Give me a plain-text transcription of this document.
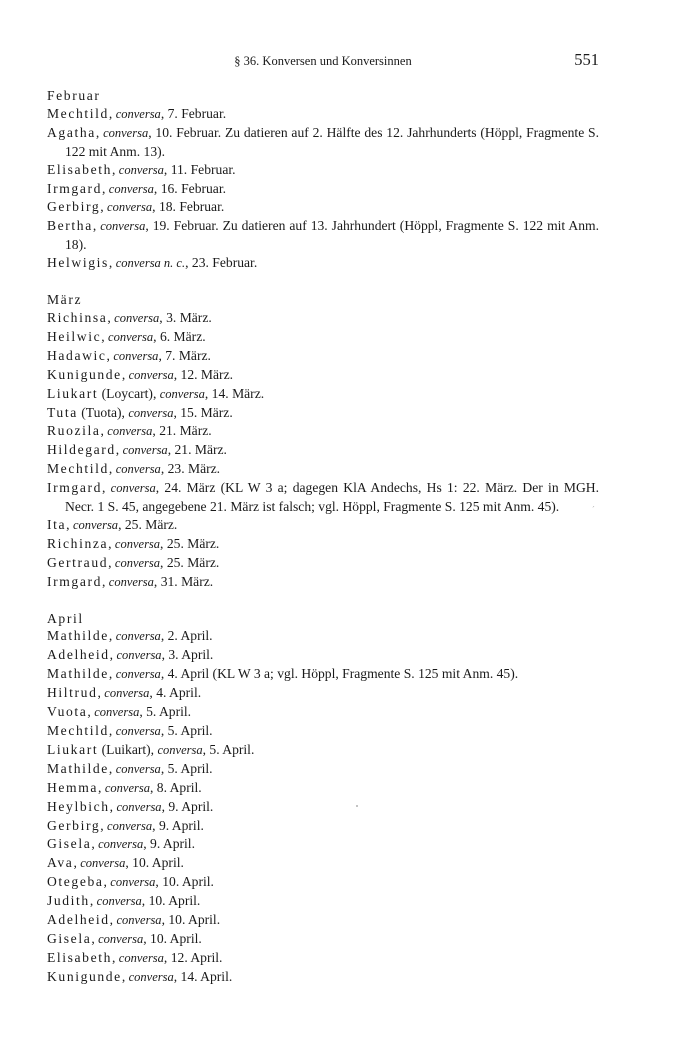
§ 36. Konversen und Konversinnen	551
Februar
Mechtild, conversa, 7. Februar.
Agatha, conversa, 10. Februar. Zu datieren auf 2. Hälfte des 12. Jahrhunderts (Höppl, Fragmente S. 122 mit Anm. 13).
Elisabeth, conversa, 11. Februar.
Irmgard, conversa, 16. Februar.
Gerbirg, conversa, 18. Februar.
Bertha, conversa, 19. Februar. Zu datieren auf 13. Jahrhundert (Höppl, Fragmente S. 122 mit Anm. 18).
Helwigis, conversa n. c., 23. Februar.
März
Richinsa, conversa, 3. März.
Heilwic, conversa, 6. März.
Hadawic, conversa, 7. März.
Kunigunde, conversa, 12. März.
Liukart (Loycart), conversa, 14. März.
Tuta (Tuota), conversa, 15. März.
Ruozila, conversa, 21. März.
Hildegard, conversa, 21. März.
Mechtild, conversa, 23. März.
Irmgard, conversa, 24. März (KL W 3 a; dagegen KlA Andechs, Hs 1: 22. März. Der in MGH. Necr. 1 S. 45, angegebene 21. März ist falsch; vgl. Höppl, Fragmente S. 125 mit Anm. 45).
Ita, conversa, 25. März.
Richinza, conversa, 25. März.
Gertraud, conversa, 25. März.
Irmgard, conversa, 31. März.
April
Mathilde, conversa, 2. April.
Adelheid, conversa, 3. April.
Mathilde, conversa, 4. April (KL W 3 a; vgl. Höppl, Fragmente S. 125 mit Anm. 45).
Hiltrud, conversa, 4. April.
Vuota, conversa, 5. April.
Mechtild, conversa, 5. April.
Liukart (Luikart), conversa, 5. April.
Mathilde, conversa, 5. April.
Hemma, conversa, 8. April.
Heylbich, conversa, 9. April.
Gerbirg, conversa, 9. April.
Gisela, conversa, 9. April.
Ava, conversa, 10. April.
Otegeba, conversa, 10. April.
Judith, conversa, 10. April.
Adelheid, conversa, 10. April.
Gisela, conversa, 10. April.
Elisabeth, conversa, 12. April.
Kunigunde, conversa, 14. April.
ˊ
